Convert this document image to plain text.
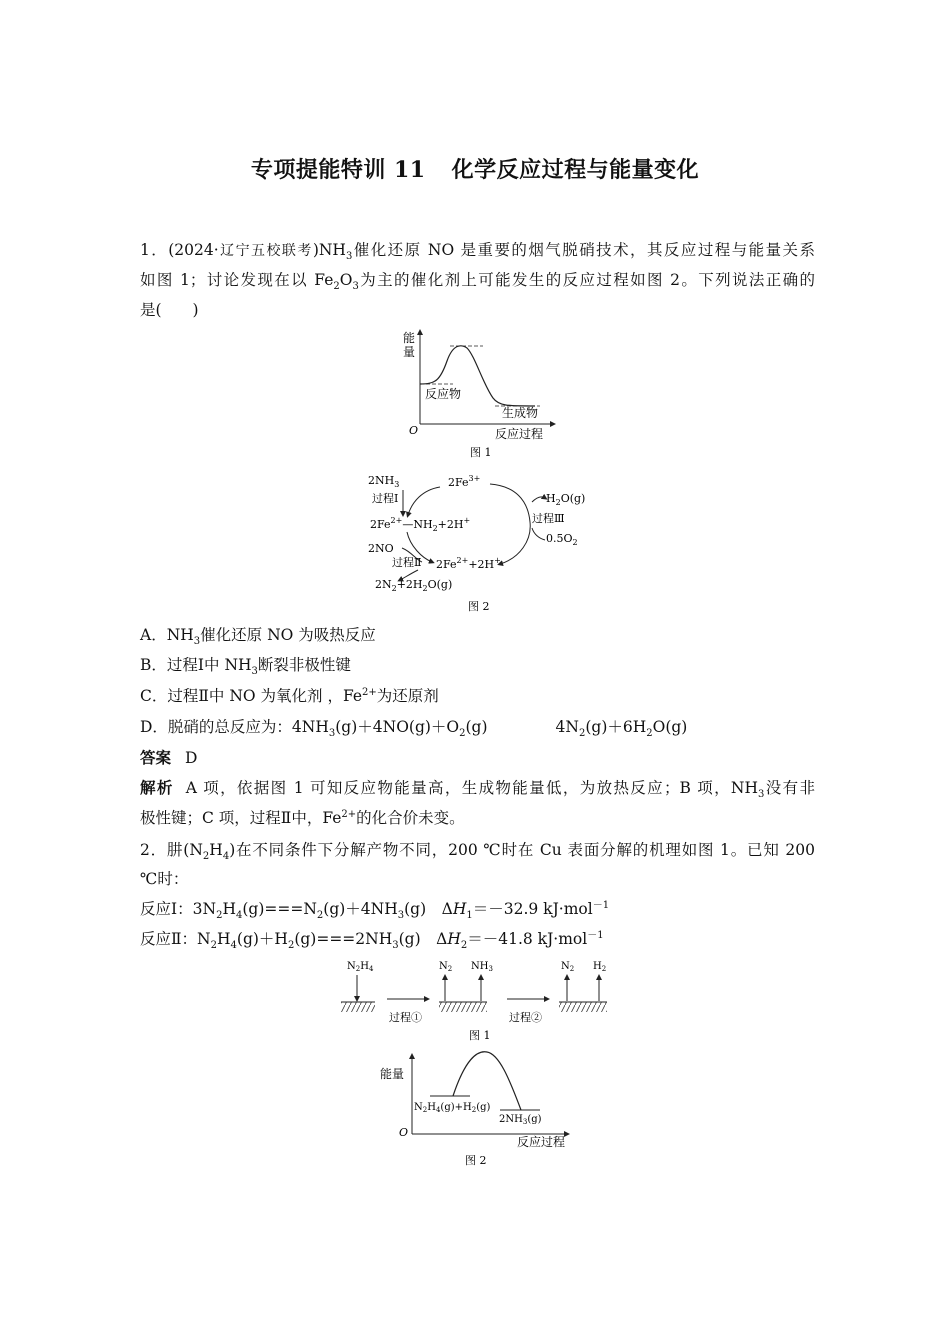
专项提能特训 11 化学反应过程与能量变化
1．(2024·辽宁五校联考)$NH_3$催化还原 NO 是重要的烟气脱硝技术，其反应过程与能量关系
如图 1；讨论发现在以 $Fe_2O_3$为主的催化剂上可能发生的反应过程如图 2。下列说法正确的
是(　　)
能
量
O
反应物
生成物
反应过程
图 1
$2NH_3$
过程Ⅰ
$2Fe^{3+}$
$2Fe^{2+}—NH_2+2H^+$
2NO
过程Ⅱ $2Fe^{2+}+2H^+$
$2N_2+2H_2O(g)$
$H_2O(g)$
过程Ⅲ
$0.5O_2$
图 2
A．$NH_3$催化还原 NO 为吸热反应
B．过程Ⅰ中 $NH_3$断裂非极性键
C．过程Ⅱ中 NO 为氧化剂 ，$Fe^{2+}$为还原剂
D．脱硝的总反应为：$4NH_3(g)+4NO(g)+O_2(g)$	$4N_2(g)+6H_2O(g)$
答案 D
解析 A 项，依据图 1 可知反应物能量高，生成物能量低，为放热反应；B 项，$NH_3$没有非
极性键；C 项，过程Ⅱ中，$Fe^{2+}$的化合价未变。
2．肼$(N_2H_4)$在不同条件下分解产物不同，200 ℃时在 Cu 表面分解的机理如图 1。已知 200
℃时：
反应Ⅰ：$3N_2H_4(g)===N_2(g)+4NH_3(g)$　$\Delta H_1=-32.9$ kJ·mol$^{-1}$
反应Ⅱ：$N_2H_4(g)+H_2(g)===2NH_3(g)$　$\Delta H_2=-41.8$ kJ·mol$^{-1}$
$N_2H_4$
过程①
$N_2$ $NH_3$
过程②
$N_2$ $H_2$
图 1
能量
O
$N_2H_4(g)+H_2(g)$
$2NH_3(g)$
反应过程
图 2
